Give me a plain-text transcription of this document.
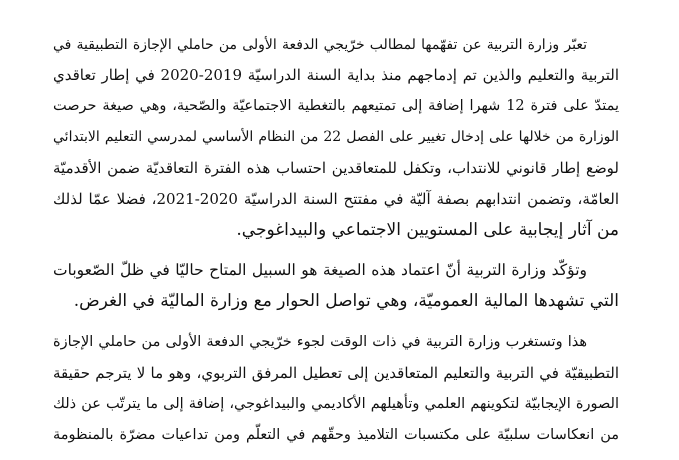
تعبّر وزارة التربية عن تفهّمها لمطالب خرّيجي الدفعة الأولى من حاملي الإجازة التطبيقية في
التربية والتعليم والذين تم إدماجهم منذ بداية السنة الدراسيّة 2019-2020 في إطار تعاقدي
يمتدّ على فترة 12 شهرا إضافة إلى تمتيعهم بالتغطية الاجتماعيّة والصّحية، وهي صيغة حرصت
الوزارة من خلالها على إدخال تغيير على الفصل 22 من النظام الأساسي لمدرسي التعليم الابتدائي
لوضع إطار قانوني للانتداب، وتكفل للمتعاقدين احتساب هذه الفترة التعاقديّة ضمن الأقدميّة
العامّة، وتضمن انتدابهم بصفة آليّة في مفتتح السنة الدراسيّة 2020-2021، فضلا عمّا لذلك
من آثار إيجابية على المستويين الاجتماعي والبيداغوجي.
وتؤكّد وزارة التربية أنّ اعتماد هذه الصيغة هو السبيل المتاح حاليّا في ظلّ الصّعوبات
التي تشهدها المالية العموميّة، وهي تواصل الحوار مع وزارة الماليّة في الغرض.
هذا وتستغرب وزارة التربية في ذات الوقت لجوء خرّيجي الدفعة الأولى من حاملي الإجازة
التطبيقيّة في التربية والتعليم المتعاقدين إلى تعطيل المرفق التربوي، وهو ما لا يترجم حقيقة
الصورة الإيجابيّة لتكوينهم العلمي وتأهيلهم الأكاديمي والبيداغوجي، إضافة إلى ما يترتّب عن ذلك
من انعكاسات سلبيّة على مكتسبات التلاميذ وحقّهم في التعلّم ومن تداعيات مضرّة بالمنظومة
